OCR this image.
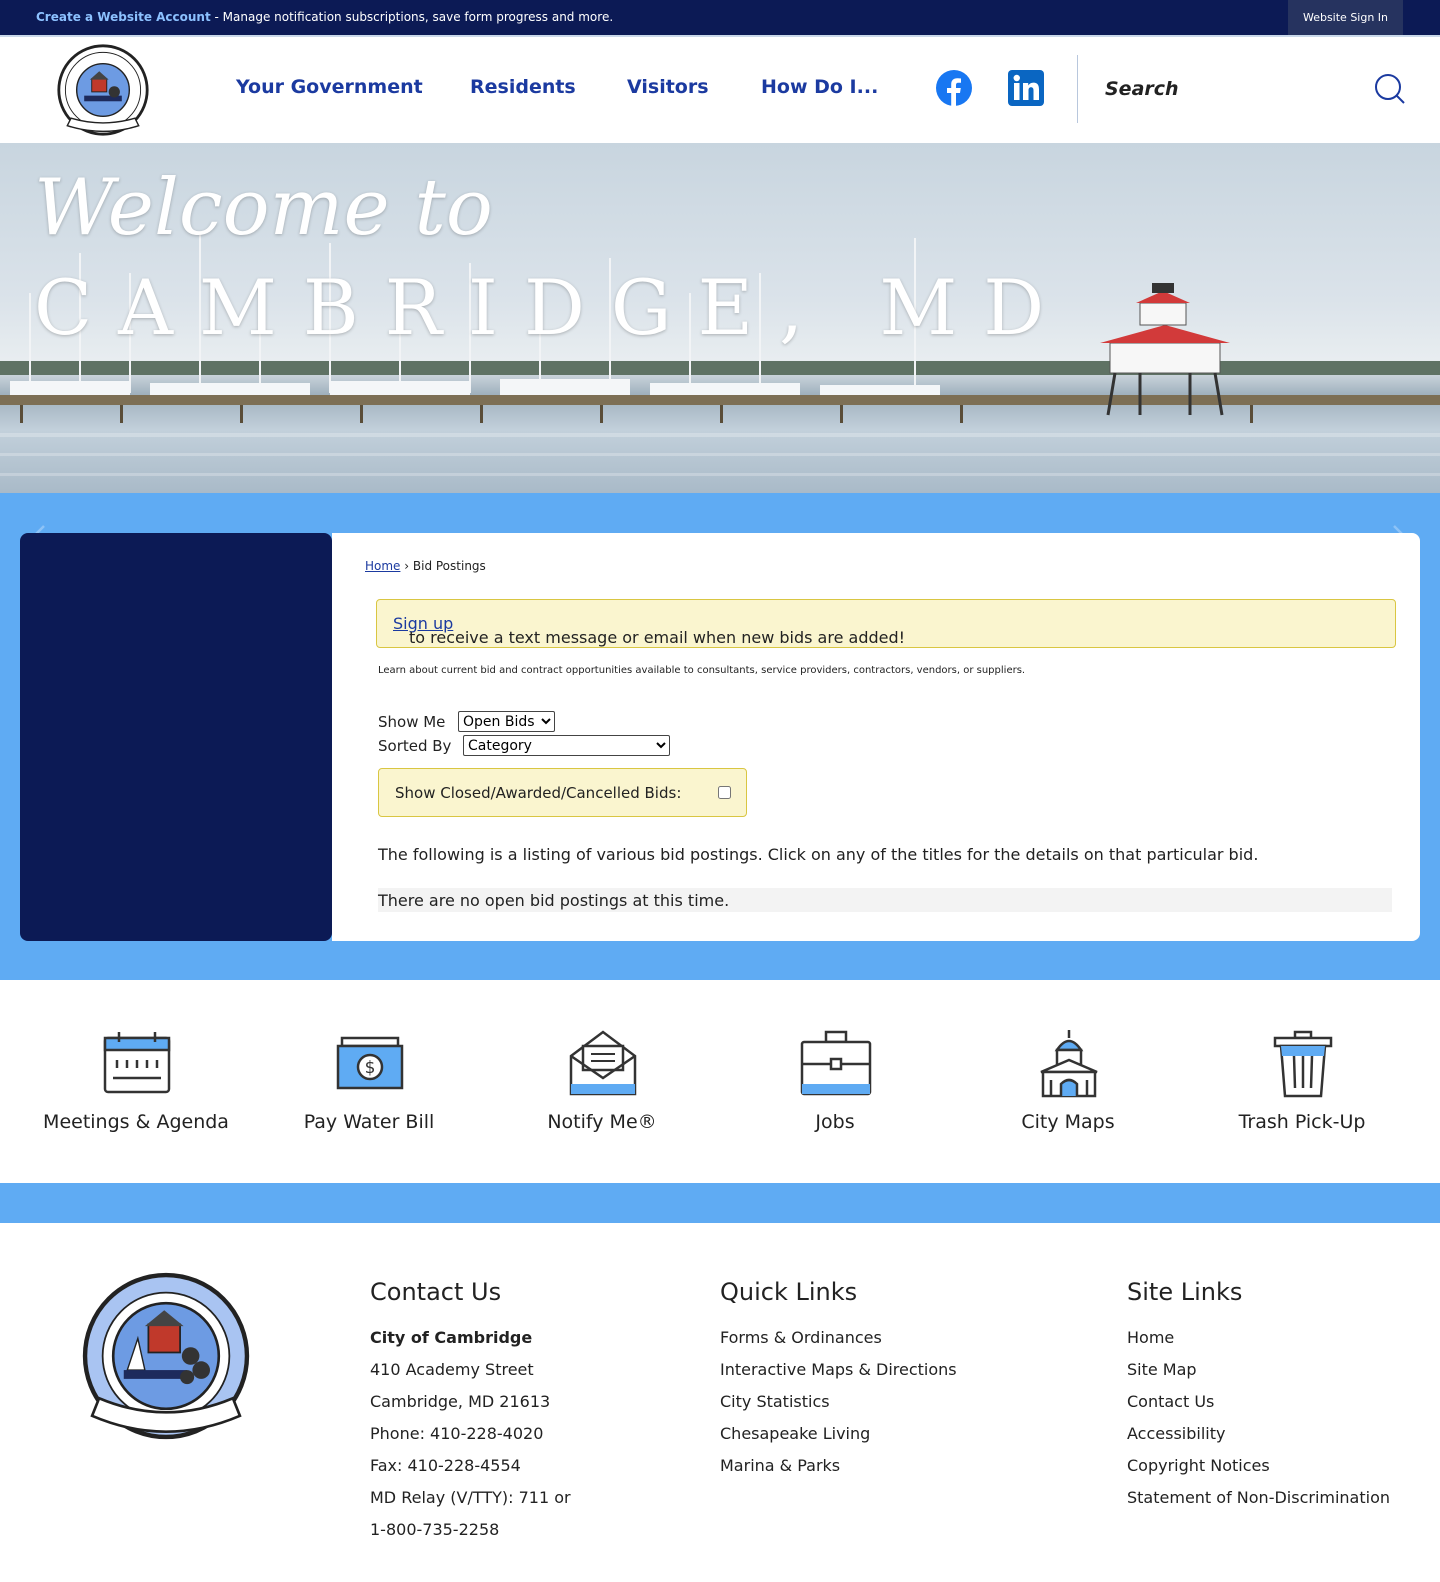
Create a Website Account - Manage notification subscriptions, save form progress and more.	Website Sign In
Your Government Residents	Visitors	How Do I...
Search
Welcome to
CAMBRIDGE, MD
Home › Bid Postings
Sign up
to receive a text message or email when new bids are added!
Learn about current bid and contract opportunities available to consultants, service providers, contractors, vendors, or suppliers.
Show Me
Open Bids
Sorted By
Category
Show Closed/Awarded/Cancelled Bids:
The following is a listing of various bid postings. Click on any of the titles for the details on that particular bid.
There are no open bid postings at this time.
Meetings & Agenda
$
Pay Water Bill	Notify Me®	Jobs	City Maps	Trash Pick-Up
Contact Us
City of Cambridge
410 Academy Street
Cambridge, MD 21613
Phone: 410-228-4020
Fax: 410-228-4554
MD Relay (V/TTY): 711 or
1-800-735-2258
Quick Links
Forms & Ordinances
Interactive Maps & Directions
City Statistics
Chesapeake Living
Marina & Parks
Site Links
Home
Site Map
Contact Us
Accessibility
Copyright Notices
Statement of Non-Discrimination
